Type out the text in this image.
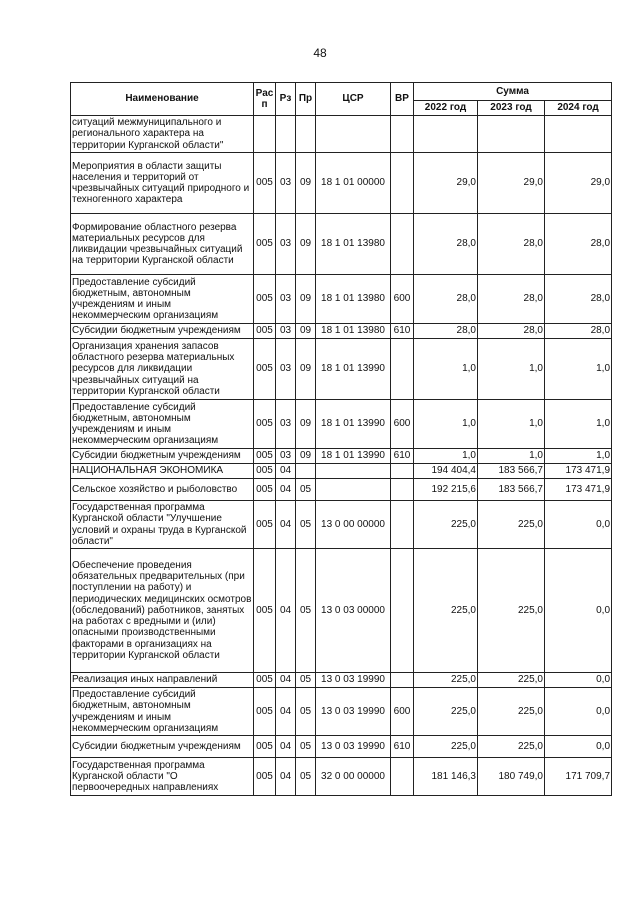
48
Наименование	Рас п	Рз	Пр	ЦСР	ВР	Сумма		
						2022 год	2023 год	2024 год
ситуаций межмуниципального и регионального характера на территории Курганской области"								
Мероприятия в области защиты населения и территорий от чрезвычайных ситуаций природного и техногенного характера	005	03	09	18 1 01 00000		29,0	29,0	29,0
Формирование областного резерва материальных ресурсов для ликвидации чрезвычайных ситуаций на территории Курганской области	005	03	09	18 1 01 13980		28,0	28,0	28,0
Предоставление субсидий бюджетным, автономным учреждениям и иным некоммерческим организациям	005	03	09	18 1 01 13980	600	28,0	28,0	28,0
Субсидии бюджетным учреждениям	005	03	09	18 1 01 13980	610	28,0	28,0	28,0
Организация хранения запасов областного резерва материальных ресурсов для ликвидации чрезвычайных ситуаций на территории Курганской области	005	03	09	18 1 01 13990		1,0	1,0	1,0
Предоставление субсидий бюджетным, автономным учреждениям и иным некоммерческим организациям	005	03	09	18 1 01 13990	600	1,0	1,0	1,0
Субсидии бюджетным учреждениям	005	03	09	18 1 01 13990	610	1,0	1,0	1,0
НАЦИОНАЛЬНАЯ ЭКОНОМИКА	005	04				194 404,4	183 566,7	173 471,9
Сельское хозяйство и рыболовство	005	04	05			192 215,6	183 566,7	173 471,9
Государственная программа Курганской области "Улучшение условий и охраны труда в Курганской области"	005	04	05	13 0 00 00000		225,0	225,0	0,0
Обеспечение проведения обязательных предварительных (при поступлении на работу) и периодических медицинских осмотров (обследований) работников, занятых на работах с вредными и (или) опасными производственными факторами в организациях на территории Курганской области	005	04	05	13 0 03 00000		225,0	225,0	0,0
Реализация иных направлений	005	04	05	13 0 03 19990		225,0	225,0	0,0
Предоставление субсидий бюджетным, автономным учреждениям и иным некоммерческим организациям	005	04	05	13 0 03 19990	600	225,0	225,0	0,0
Субсидии бюджетным учреждениям	005	04	05	13 0 03 19990	610	225,0	225,0	0,0
Государственная программа Курганской области "О первоочередных направлениях	005	04	05	32 0 00 00000		181 146,3	180 749,0	171 709,7
